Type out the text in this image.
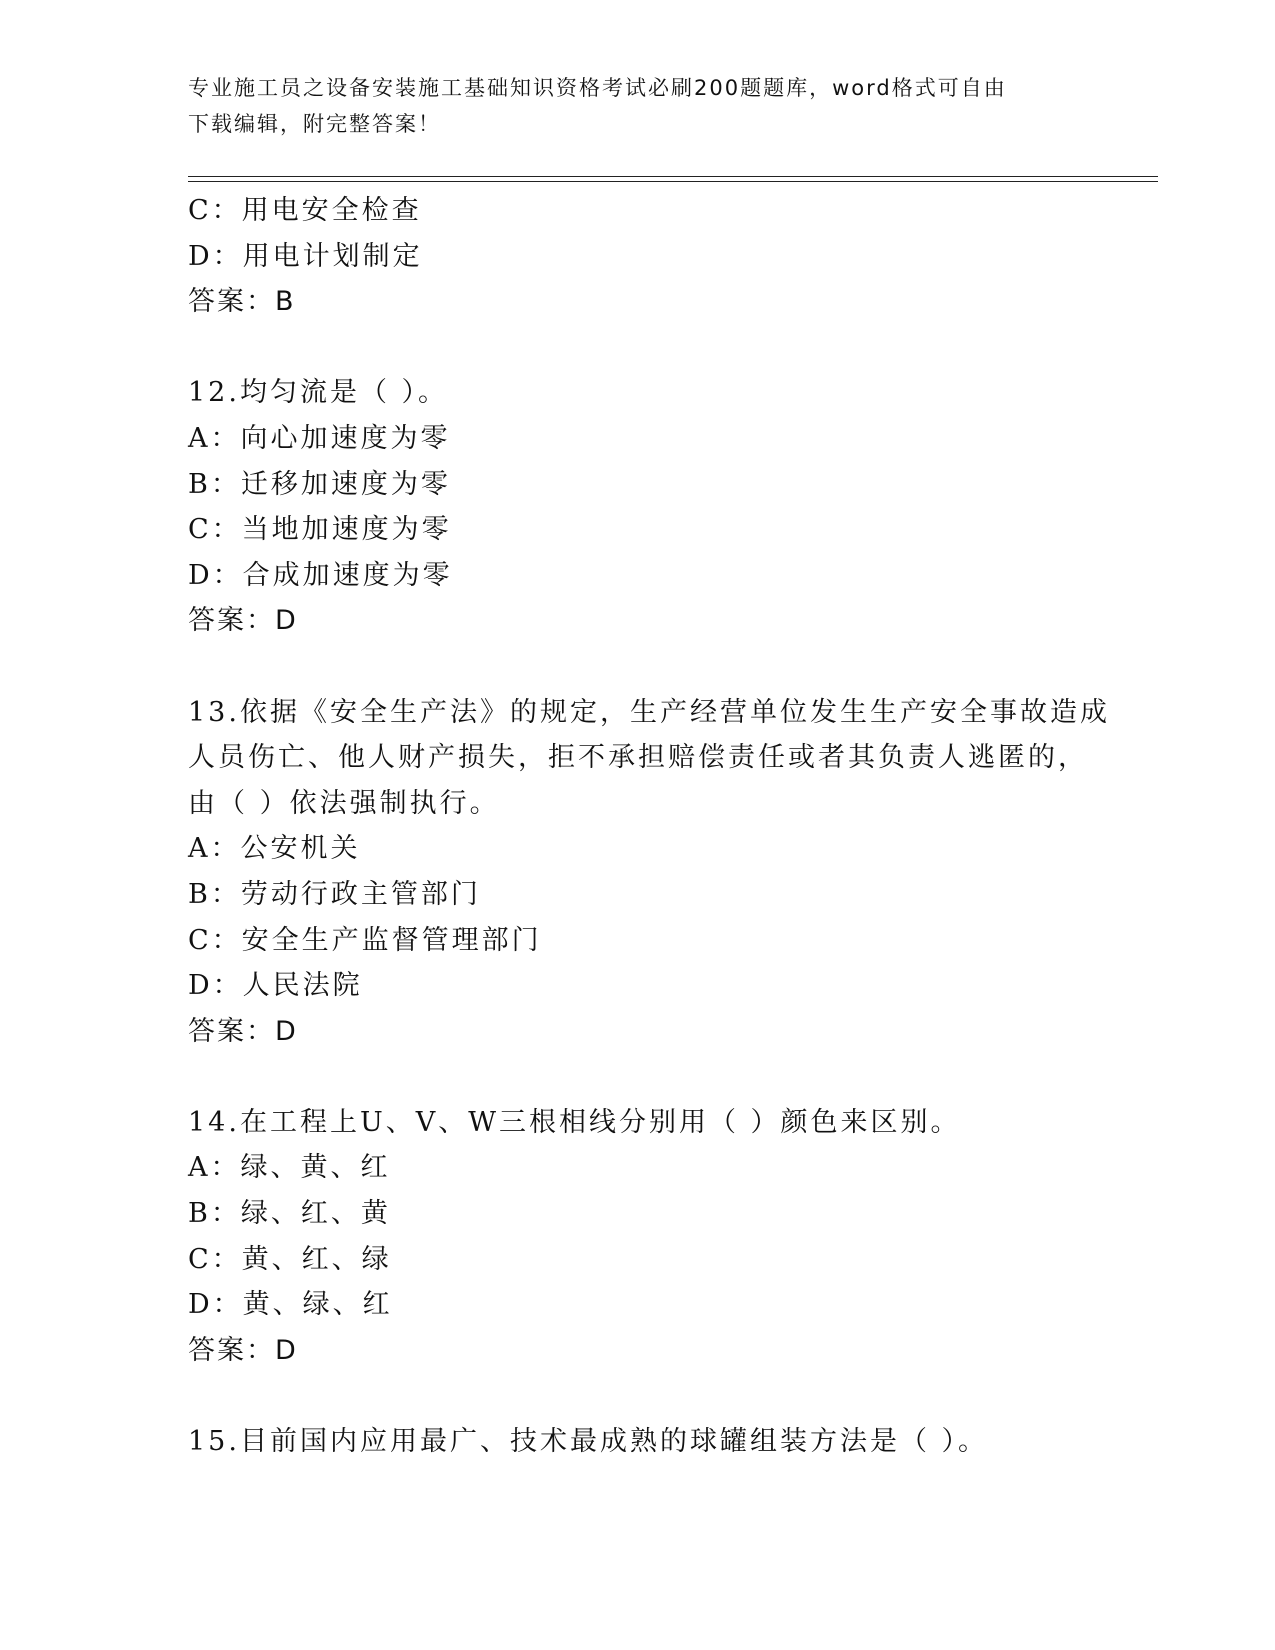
专业施工员之设备安装施工基础知识资格考试必刷200题题库，word格式可自由
下载编辑，附完整答案！
C：用电安全检查
D：用电计划制定
答案：B
12.均匀流是（ ）。
A：向心加速度为零
B：迁移加速度为零
C：当地加速度为零
D：合成加速度为零
答案：D
13.依据《安全生产法》的规定，生产经营单位发生生产安全事故造成
人员伤亡、他人财产损失，拒不承担赔偿责任或者其负责人逃匿的，
由（ ）依法强制执行。
A：公安机关
B：劳动行政主管部门
C：安全生产监督管理部门
D：人民法院
答案：D
14.在工程上U、V、W三根相线分别用（ ）颜色来区别。
A：绿、黄、红
B：绿、红、黄
C：黄、红、绿
D：黄、绿、红
答案：D
15.目前国内应用最广、技术最成熟的球罐组装方法是（ ）。
